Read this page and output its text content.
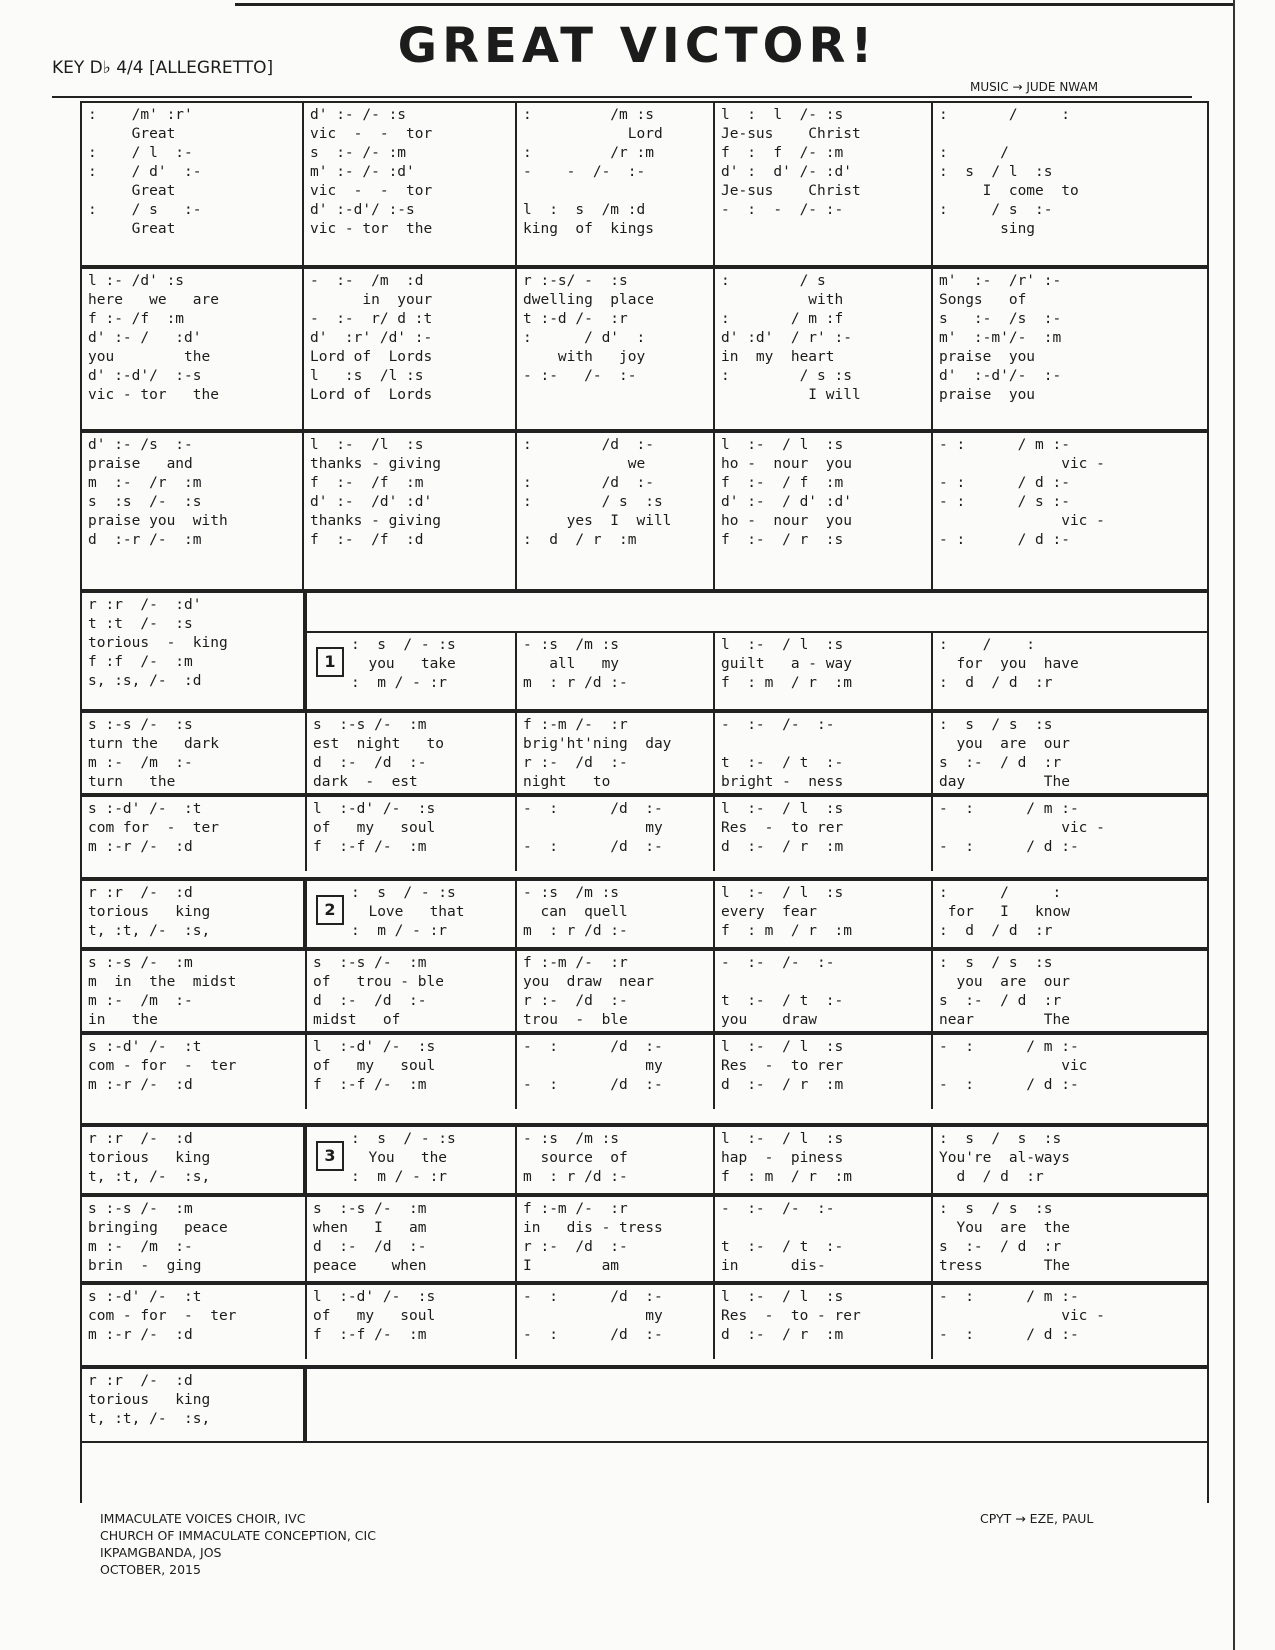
GREAT VICTOR!
KEY D♭ 4/4 [ALLEGRETTO]
MUSIC → JUDE NWAM
:    /m' :r'
Great
:    / l  :-
:    / d'  :-
Great
:    / s   :-
Great
d' :- /- :s
vic  -  -  tor
s  :- /- :m
m' :- /- :d'
vic  -  -  tor
d' :-d'/ :-s
vic - tor  the
:         /m :s
Lord
:         /r :m
-    -  /-  :-

l  :  s  /m :d
king  of  kings
l  :  l  /- :s
Je-sus    Christ
f  :  f  /- :m
d' :  d' /- :d'
Je-sus    Christ
-  :  -  /- :-
:       /     :

:      /
:  s  / l  :s
I  come  to
:     / s  :-
sing
l :- /d' :s
here   we   are
f :- /f  :m
d' :- /   :d'
you        the
d' :-d'/  :-s
vic - tor   the
-  :-  /m  :d
in  your
-  :-  r/ d :t
d'  :r' /d' :-
Lord of  Lords
l   :s  /l :s
Lord of  Lords
r :-s/ -  :s
dwelling  place
t :-d /-  :r
:      / d'  :
with   joy
- :-   /-  :-
:        / s
with
:       / m :f
d' :d'  / r' :-
in  my  heart
:        / s :s
I will
m'  :-  /r' :-
Songs   of
s   :-  /s  :-
m'  :-m'/-  :m
praise  you
d'  :-d'/-  :-
praise  you
d' :- /s  :-
praise   and
m  :-  /r  :m
s  :s  /-  :s
praise you  with
d  :-r /-  :m
l  :-  /l  :s
thanks - giving
f  :-  /f  :m
d' :-  /d' :d'
thanks - giving
f  :-  /f  :d
:        /d  :-
we
:        /d  :-
:        / s  :s
yes  I  will
:  d  / r  :m
l  :-  / l  :s
ho -  nour  you
f  :-  / f  :m
d' :-  / d' :d'
ho -  nour  you
f  :-  / r  :s
- :      / m :-
vic -
- :      / d :-
- :      / s :-
vic -
- :      / d :-
r :r  /-  :d'
t :t  /-  :s
torious  -  king
f :f  /-  :m
s, :s, /-  :d
:  s  / - :s
you   take
:  m / - :r
1
- :s  /m :s
all   my
m  : r /d :-
l  :-  / l  :s
guilt   a - way
f  : m  / r  :m
:    /    :
for  you  have
:  d  / d  :r
s :-s /-  :s
turn the   dark
m :-  /m  :-
turn   the
s  :-s /-  :m
est  night   to
d  :-  /d  :-
dark  -  est
f :-m /-  :r
brig'ht'ning  day
r :-  /d  :-
night   to
-  :-  /-  :-

t  :-  / t  :-
bright -  ness
:  s  / s  :s
you  are  our
s  :-  / d  :r
day         The
s :-d' /-  :t
com for  -  ter
m :-r /-  :d
l  :-d' /-  :s
of   my   soul
f  :-f /-  :m
-  :      /d  :-
my
-  :      /d  :-
l  :-  / l  :s
Res  -  to rer
d  :-  / r  :m
-  :      / m :-
vic -
-  :      / d :-
r :r  /-  :d
torious   king
t, :t, /-  :s,
:  s  / - :s
Love   that
:  m / - :r
2
- :s  /m :s
can  quell
m  : r /d :-
l  :-  / l  :s
every  fear
f  : m  / r  :m
:      /     :
for   I   know
:  d  / d  :r
s :-s /-  :m
m  in  the  midst
m :-  /m  :-
in   the
s  :-s /-  :m
of   trou - ble
d  :-  /d  :-
midst   of
f :-m /-  :r
you  draw  near
r :-  /d  :-
trou  -  ble
-  :-  /-  :-

t  :-  / t  :-
you    draw
:  s  / s  :s
you  are  our
s  :-  / d  :r
near        The
s :-d' /-  :t
com - for  -  ter
m :-r /-  :d
l  :-d' /-  :s
of   my   soul
f  :-f /-  :m
-  :      /d  :-
my
-  :      /d  :-
l  :-  / l  :s
Res  -  to rer
d  :-  / r  :m
-  :      / m :-
vic
-  :      / d :-
r :r  /-  :d
torious   king
t, :t, /-  :s,
:  s  / - :s
You   the
:  m / - :r
3
- :s  /m :s
source  of
m  : r /d :-
l  :-  / l  :s
hap  -  piness
f  : m  / r  :m
:  s  /  s  :s
You're  al-ways
d  / d  :r
s :-s /-  :m
bringing   peace
m :-  /m  :-
brin  -  ging
s  :-s /-  :m
when   I   am
d  :-  /d  :-
peace    when
f :-m /-  :r
in   dis - tress
r :-  /d  :-
I        am
-  :-  /-  :-

t  :-  / t  :-
in      dis-
:  s  / s  :s
You  are  the
s  :-  / d  :r
tress       The
s :-d' /-  :t
com - for  -  ter
m :-r /-  :d
l  :-d' /-  :s
of   my   soul
f  :-f /-  :m
-  :      /d  :-
my
-  :      /d  :-
l  :-  / l  :s
Res  -  to - rer
d  :-  / r  :m
-  :      / m :-
vic -
-  :      / d :-
r :r  /-  :d
torious   king
t, :t, /-  :s,
IMMACULATE VOICES CHOIR, IVC
CHURCH OF IMMACULATE CONCEPTION, CIC
IKPAMGBANDA, JOS
OCTOBER, 2015
CPYT → EZE, PAUL
